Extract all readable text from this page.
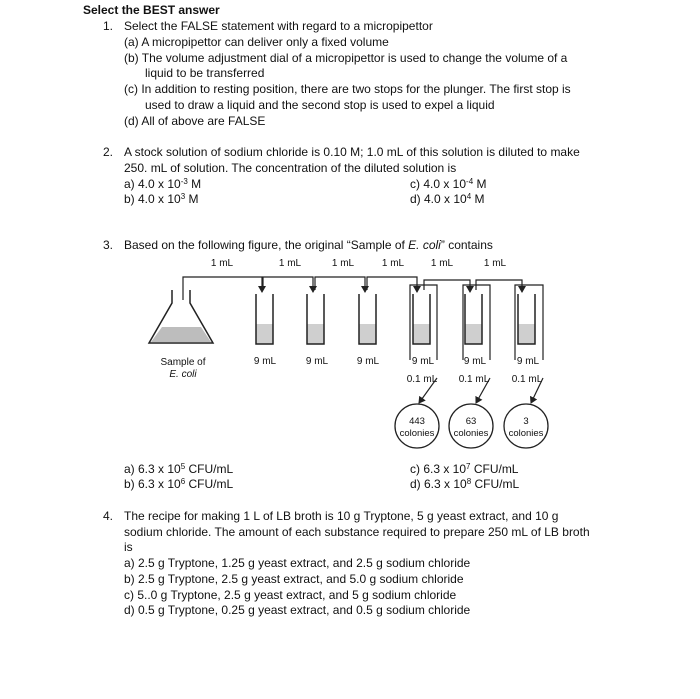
Select the BEST answer
1. Select the FALSE statement with regard to a micropipettor
(a) A micropipettor can deliver only a fixed volume
(b) The volume adjustment dial of a micropipettor is used to change the volume of a
liquid to be transferred
(c) In addition to resting position, there are two stops for the plunger. The first stop is
used to draw a liquid and the second stop is used to expel a liquid
(d) All of above are FALSE
2. A stock solution of sodium chloride is 0.10 M; 1.0 mL of this solution is diluted to make
250. mL of solution. The concentration of the diluted solution is
a) 4.0 x $10^{-3}$ M
b) 4.0 x $10^3$ M
c) 4.0 x $10^{-4}$ M
d) 4.0 x $10^4$ M
3. Based on the following figure, the original “Sample of E. coli” contains
1 mL	1 mL	1 mL	1 mL	1 mL	1 mL
Sample of
E. coli
9 mL	9 mL	9 mL	9 mL	9 mL	9 mL
0.1 mL 0.1 mL 0.1 mL
443
colonies
63
colonies
3
colonies
a) 6.3 x $10^5$ CFU/mL
b) 6.3 x $10^6$ CFU/mL
c) 6.3 x $10^7$ CFU/mL
d) 6.3 x $10^8$ CFU/mL
4. The recipe for making 1 L of LB broth is 10 g Tryptone, 5 g yeast extract, and 10 g
sodium chloride. The amount of each substance required to prepare 250 mL of LB broth
is
a) 2.5 g Tryptone, 1.25 g yeast extract, and 2.5 g sodium chloride
b) 2.5 g Tryptone, 2.5 g yeast extract, and 5.0 g sodium chloride
c) 5..0 g Tryptone, 2.5 g yeast extract, and 5 g sodium chloride
d) 0.5 g Tryptone, 0.25 g yeast extract, and 0.5 g sodium chloride
